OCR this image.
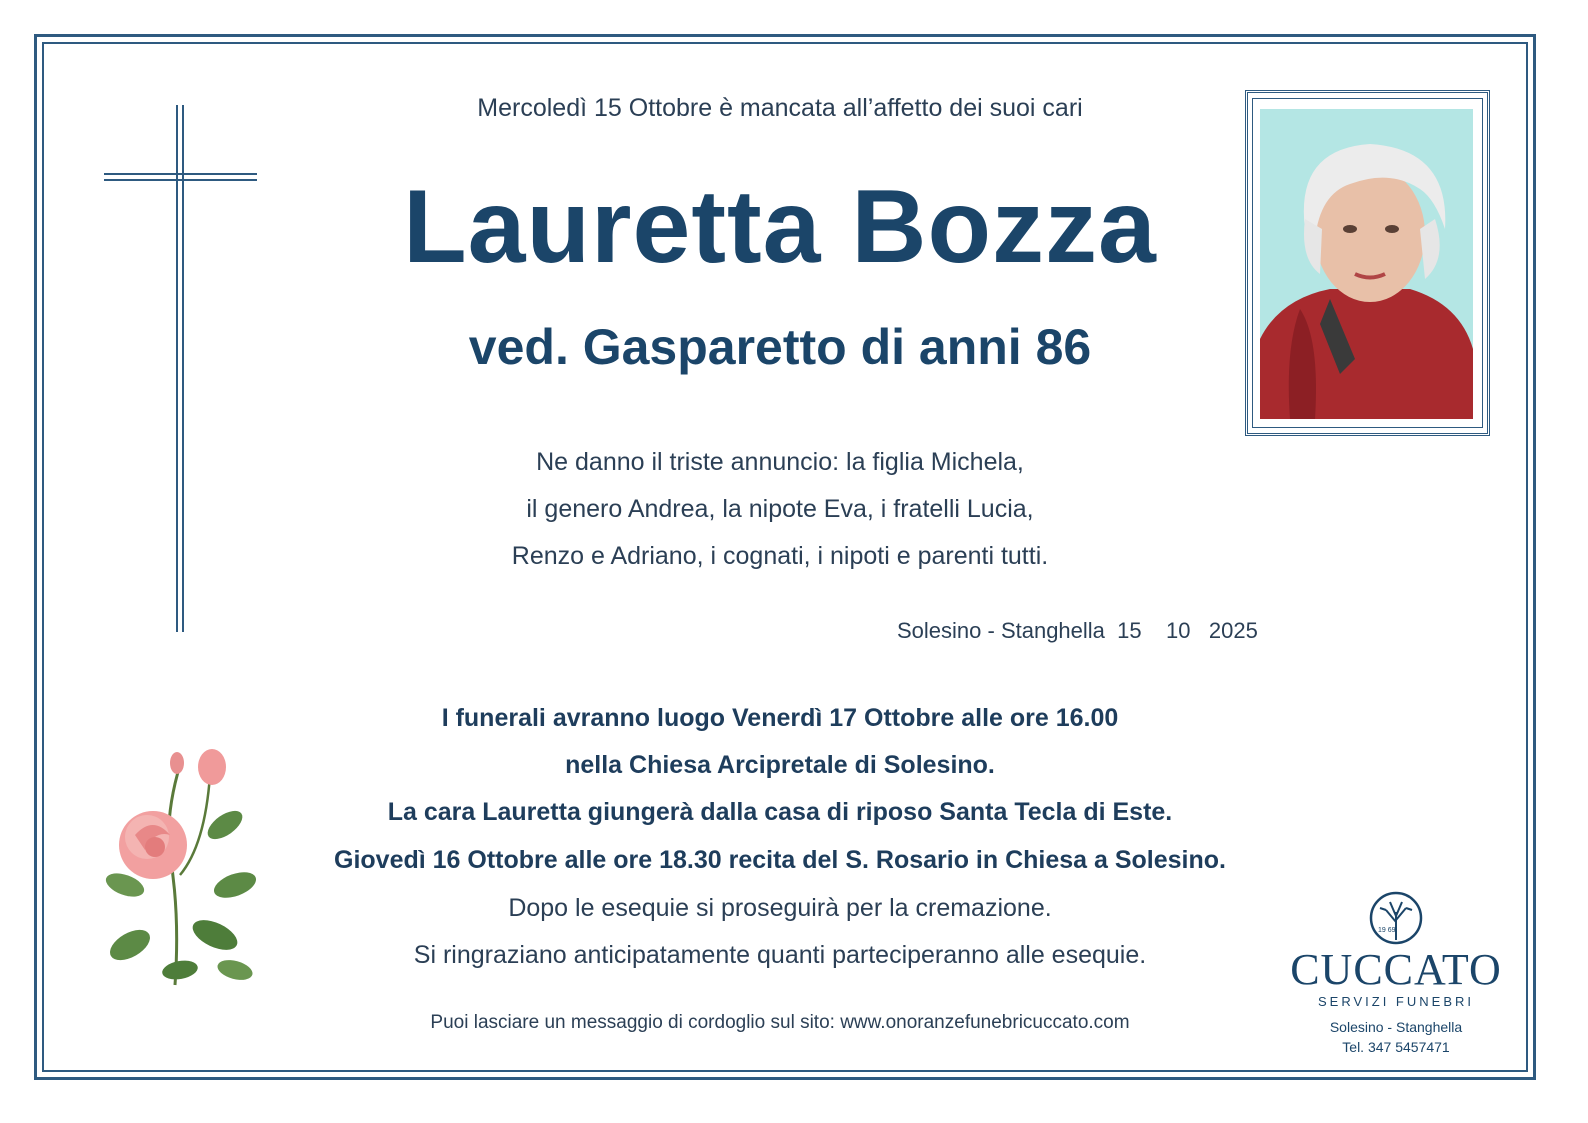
Mercoledì 15 Ottobre è mancata all’affetto dei suoi cari
Lauretta Bozza
ved. Gasparetto di anni 86
Ne danno il triste annuncio: la figlia Michela,
il genero Andrea, la nipote Eva, i fratelli Lucia,
Renzo e Adriano, i cognati, i nipoti e parenti tutti.
Solesino - Stanghella  15    10   2025
I funerali avranno luogo Venerdì 17 Ottobre alle ore 16.00
nella Chiesa Arcipretale di Solesino.
La cara Lauretta giungerà dalla casa di riposo Santa Tecla di Este.
Giovedì 16 Ottobre alle ore 18.30 recita del S. Rosario in Chiesa a Solesino.
Dopo le esequie si proseguirà per la cremazione.
Si ringraziano anticipatamente quanti parteciperanno alle esequie.
Puoi lasciare un messaggio di cordoglio sul sito: www.onoranzefunebricuccato.com
19 69
CUCCATO
SERVIZI FUNEBRI
Solesino - Stanghella
Tel. 347 5457471
